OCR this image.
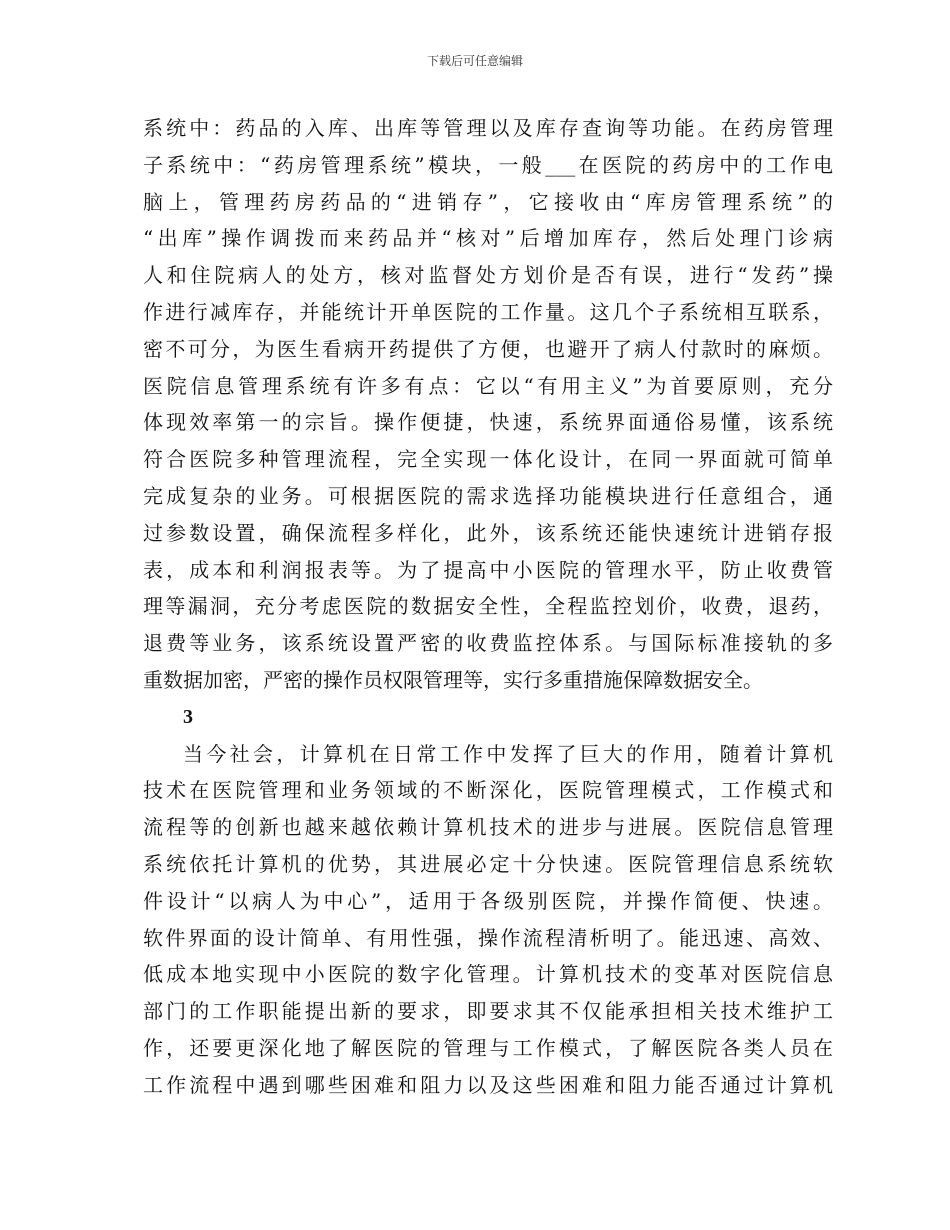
下载后可任意编辑
系统中：药品的入库、出库等管理以及库存查询等功能。在药房管理
子系统中：“药房管理系统”模块，一般___在医院的药房中的工作电
脑上，管理药房药品的“进销存”，它接收由“库房管理系统”的
“出库”操作调拨而来药品并“核对”后增加库存，然后处理门诊病
人和住院病人的处方，核对监督处方划价是否有误，进行“发药”操
作进行减库存，并能统计开单医院的工作量。这几个子系统相互联系，
密不可分，为医生看病开药提供了方便，也避开了病人付款时的麻烦。
医院信息管理系统有许多有点：它以“有用主义”为首要原则，充分
体现效率第一的宗旨。操作便捷，快速，系统界面通俗易懂，该系统
符合医院多种管理流程，完全实现一体化设计，在同一界面就可简单
完成复杂的业务。可根据医院的需求选择功能模块进行任意组合，通
过参数设置，确保流程多样化，此外，该系统还能快速统计进销存报
表，成本和利润报表等。为了提高中小医院的管理水平，防止收费管
理等漏洞，充分考虑医院的数据安全性，全程监控划价，收费，退药，
退费等业务，该系统设置严密的收费监控体系。与国际标准接轨的多
重数据加密，严密的操作员权限管理等，实行多重措施保障数据安全。
3
当今社会，计算机在日常工作中发挥了巨大的作用，随着计算机
技术在医院管理和业务领域的不断深化，医院管理模式，工作模式和
流程等的创新也越来越依赖计算机技术的进步与进展。医院信息管理
系统依托计算机的优势，其进展必定十分快速。医院管理信息系统软
件设计“以病人为中心”，适用于各级别医院，并操作简便、快速。
软件界面的设计简单、有用性强，操作流程清析明了。能迅速、高效、
低成本地实现中小医院的数字化管理。计算机技术的变革对医院信息
部门的工作职能提出新的要求，即要求其不仅能承担相关技术维护工
作，还要更深化地了解医院的管理与工作模式，了解医院各类人员在
工作流程中遇到哪些困难和阻力以及这些困难和阻力能否通过计算机
